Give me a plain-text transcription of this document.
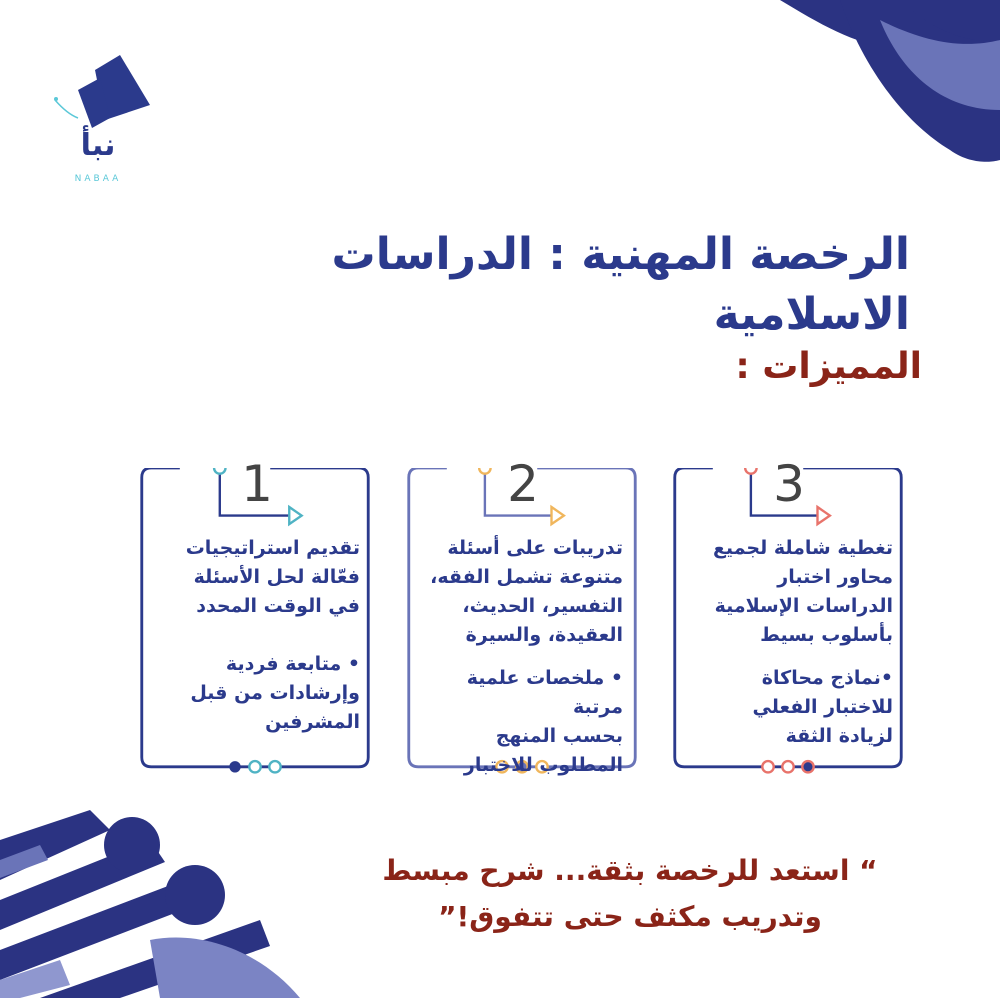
نبأ
NABAA
الرخصة المهنية : الدراسات الاسلامية
المميزات :
1

تقديم استراتيجيات

فعّالة لحل الأسئلة

في الوقت المحدد

• متابعة فردية

وإرشادات من قبل

المشرفين

2

تدريبات على أسئلة

متنوعة تشمل الفقه،

التفسير، الحديث،

العقيدة، والسيرة

• ملخصات علمية مرتبة

بحسب المنهج

المطلوب للاختبار

3

تغطية شاملة لجميع

محاور اختبار

الدراسات الإسلامية

بأسلوب بسيط

•نماذج محاكاة

للاختبار الفعلي

لزيادة الثقة

“ استعد للرخصة بثقة... شرح مبسط

وتدريب مكثف حتى تتفوق!”
